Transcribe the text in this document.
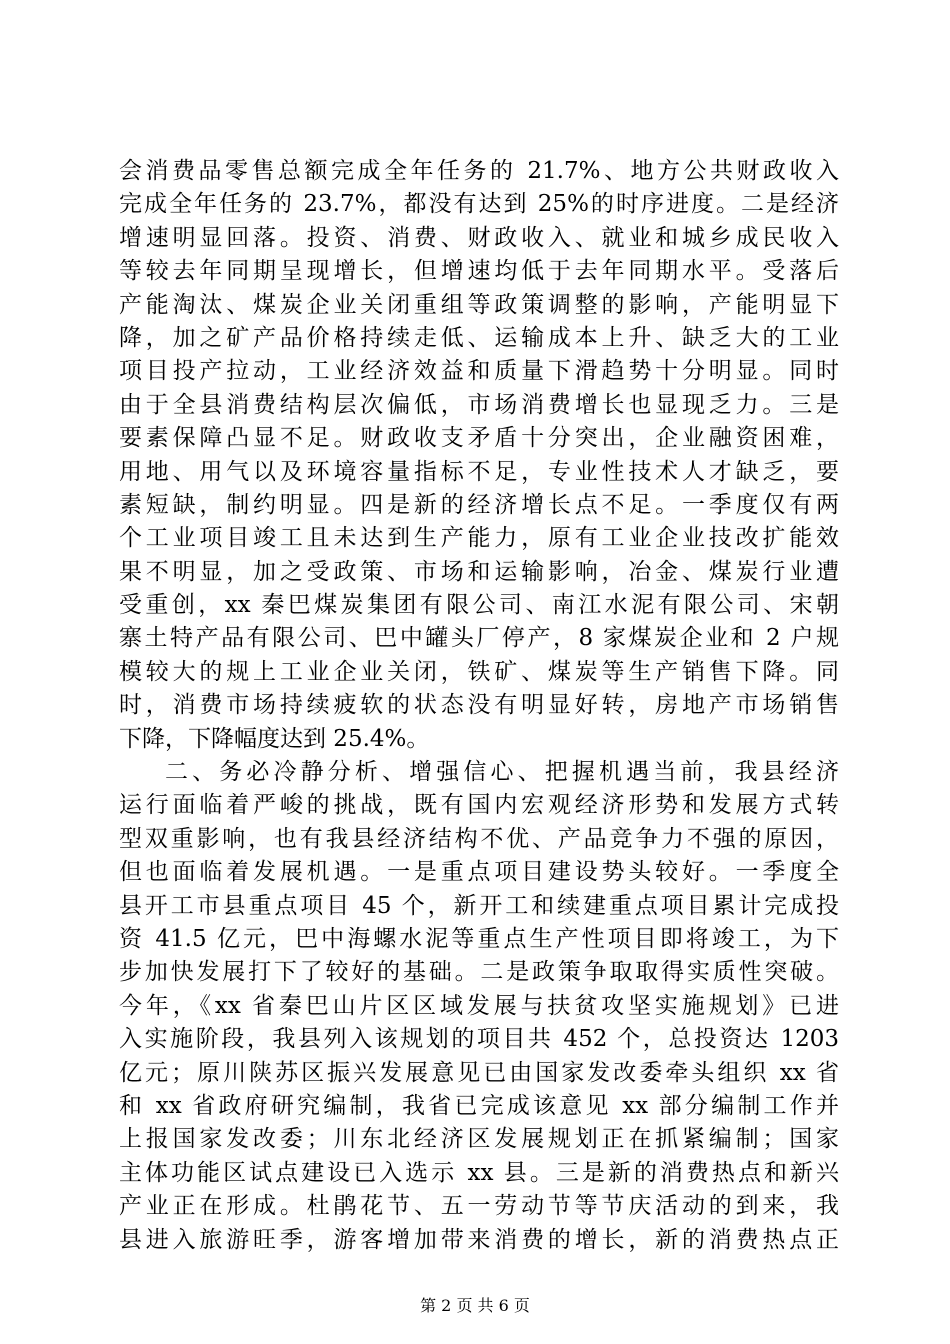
会消费品零售总额完成全年任务的 21.7%、地方公共财政收入
完成全年任务的 23.7%，都没有达到 25%的时序进度。二是经济
增速明显回落。投资、消费、财政收入、就业和城乡成民收入
等较去年同期呈现增长，但增速均低于去年同期水平。受落后
产能淘汰、煤炭企业关闭重组等政策调整的影响，产能明显下
降，加之矿产品价格持续走低、运输成本上升、缺乏大的工业
项目投产拉动，工业经济效益和质量下滑趋势十分明显。同时
由于全县消费结构层次偏低，市场消费增长也显现乏力。三是
要素保障凸显不足。财政收支矛盾十分突出，企业融资困难，
用地、用气以及环境容量指标不足，专业性技术人才缺乏，要
素短缺，制约明显。四是新的经济增长点不足。一季度仅有两
个工业项目竣工且未达到生产能力，原有工业企业技改扩能效
果不明显，加之受政策、市场和运输影响，冶金、煤炭行业遭
受重创，xx 秦巴煤炭集团有限公司、南江水泥有限公司、宋朝
寨土特产品有限公司、巴中罐头厂停产，8 家煤炭企业和 2 户规
模较大的规上工业企业关闭，铁矿、煤炭等生产销售下降。同
时，消费市场持续疲软的状态没有明显好转，房地产市场销售
下降，下降幅度达到 25.4%。
二、务必冷静分析、增强信心、把握机遇当前，我县经济
运行面临着严峻的挑战，既有国内宏观经济形势和发展方式转
型双重影响，也有我县经济结构不优、产品竞争力不强的原因，
但也面临着发展机遇。一是重点项目建设势头较好。一季度全
县开工市县重点项目 45 个，新开工和续建重点项目累计完成投
资 41.5 亿元，巴中海螺水泥等重点生产性项目即将竣工，为下
步加快发展打下了较好的基础。二是政策争取取得实质性突破。
今年，《xx 省秦巴山片区区域发展与扶贫攻坚实施规划》已进
入实施阶段，我县列入该规划的项目共 452 个，总投资达 1203
亿元；原川陕苏区振兴发展意见已由国家发改委牵头组织 xx 省
和 xx 省政府研究编制，我省已完成该意见 xx 部分编制工作并
上报国家发改委；川东北经济区发展规划正在抓紧编制；国家
主体功能区试点建设已入选示 xx 县。三是新的消费热点和新兴
产业正在形成。杜鹃花节、五一劳动节等节庆活动的到来，我
县进入旅游旺季，游客增加带来消费的增长，新的消费热点正
第 2 页 共 6 页
